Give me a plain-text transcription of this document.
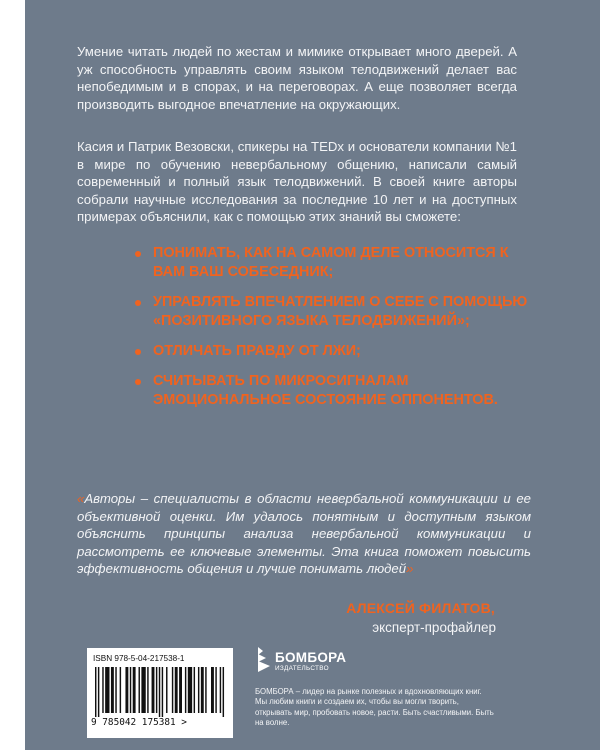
Умение читать людей по жестам и мимике открывает много дверей. А уж способность управлять своим языком телодвижений делает вас непобедимым и в спорах, и на переговорах. А еще позволяет всегда производить выгодное впечатление на окружающих.

Касия и Патрик Везовски, спикеры на TEDx и основатели компании №1 в мире по обучению невербальному общению, написали самый современный и полный язык телодвижений. В своей книге авторы собрали научные исследования за последние 10 лет и на доступных примерах объяснили, как с помощью этих знаний вы сможете:

ПОНИМАТЬ, КАК НА САМОМ ДЕЛЕ ОТНОСИТСЯ К ВАМ ВАШ СОБЕСЕДНИК;
УПРАВЛЯТЬ ВПЕЧАТЛЕНИЕМ О СЕБЕ С ПОМОЩЬЮ «ПОЗИТИВНОГО ЯЗЫКА ТЕЛОДВИЖЕНИЙ»;
ОТЛИЧАТЬ ПРАВДУ ОТ ЛЖИ;
СЧИТЫВАТЬ ПО МИКРОСИГНАЛАМ ЭМОЦИОНАЛЬНОЕ СОСТОЯНИЕ ОППОНЕНТОВ.

«Авторы – специалисты в области невербальной коммуникации и ее объективной оценки. Им удалось понятным и доступным языком объяснить принципы анализа невербальной коммуникации и рассмотреть ее ключевые элементы. Эта книга поможет повысить эффективность общения и лучше понимать людей»

АЛЕКСЕЙ ФИЛАТОВ,

эксперт-профайлер

ISBN 978-5-04-217538-1

9 785042 175381 >

БОМБОРА

ИЗДАТЕЛЬСТВО

БОМБОРА – лидер на рынке полезных и вдохновляющих книг. Мы любим книги и создаем их, чтобы вы могли творить, открывать мир, пробовать новое, расти. Быть счастливыми. Быть на волне.
